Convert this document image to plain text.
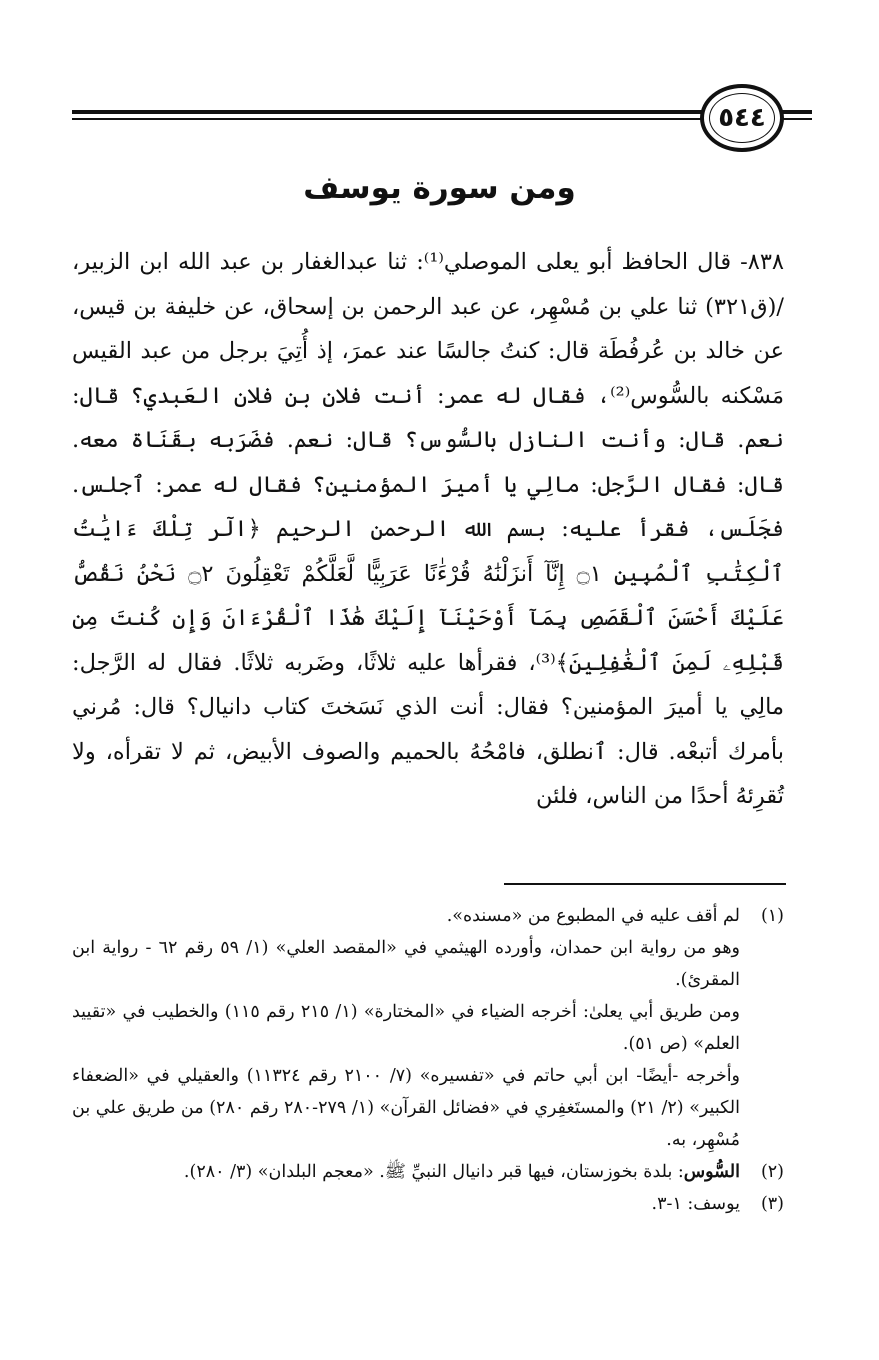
٥٤٤
ومن سورة يوسف

٨٣٨- قال الحافظ أبو يعلى الموصلي⁽¹⁾: ثنا عبدالغفار بن عبد الله ابن الزبير، /(ق٣٢١) ثنا علي بن مُسْهِر، عن عبد الرحمن بن إسحاق، عن خليفة بن قيس، عن خالد بن عُرفُطَة قال: كنتُ جالسًا عند عمرَ، إذ أُتِيَ برجل من عبد القيس مَسْكنه بالسُّوس⁽²⁾، فقال له عمر: أنت فلان بن فلان العَبدي؟ قال: نعم. قال: وأنت النازل بالسُّوس؟ قال: نعم. فضَرَبه بقَنَاة معه. قال: فقال الرَّجل: مالِي يا أميرَ المؤمنين؟ فقال له عمر: ٱجلس. فجَلَس، فقرأ عليه: بسم الله الرحمن الرحيم ﴿الٓر تِلْكَ ءَايَٰتُ ٱلْكِتَٰبِ ٱلْمُبِينِ ۝١ إِنَّآ أَنزَلْنَٰهُ قُرْءَٰنًا عَرَبِيًّا لَّعَلَّكُمْ تَعْقِلُونَ ۝٢ نَحْنُ نَقُصُّ عَلَيْكَ أَحْسَنَ ٱلْقَصَصِ بِمَآ أَوْحَيْنَآ إِلَيْكَ هَٰذَا ٱلْقُرْءَانَ وَإِن كُنتَ مِن قَبْلِهِۦ لَمِنَ ٱلْغَٰفِلِينَ﴾⁽³⁾، فقرأها عليه ثلاثًا، وضَربه ثلاثًا. فقال له الرَّجل: مالِي يا أميرَ المؤمنين؟ فقال: أنت الذي نَسَختَ كتاب دانيال؟ قال: مُرني بأمرك أتبعْه. قال: ٱنطلق، فامْحُهُ بالحميم والصوف الأبيض، ثم لا تقرأه، ولا تُقرِئهُ أحدًا من الناس، فلئن

(١)
لم أقف عليه في المطبوع من «مسنده».
وهو من رواية ابن حمدان، وأورده الهيثمي في «المقصد العلي» (١/ ٥٩ رقم ٦٢ - رواية ابن المقرئ).
ومن طريق أبي يعلىٰ: أخرجه الضياء في «المختارة» (١/ ٢١٥ رقم ١١٥) والخطيب في «تقييد العلم» (ص ٥١).
وأخرجه -أيضًا- ابن أبي حاتم في «تفسيره» (٧/ ٢١٠٠ رقم ١١٣٢٤) والعقيلي في «الضعفاء الكبير» (٢/ ٢١) والمستَغفِري في «فضائل القرآن» (١/ ٢٧٩-٢٨٠ رقم ٢٨٠) من طريق علي بن مُسْهِر، به.
(٢)
السُّوس: بلدة بخوزستان، فيها قبر دانيال النبيِّ ﷺ. «معجم البلدان» (٣/ ٢٨٠).
(٣)
يوسف: ١-٣.
